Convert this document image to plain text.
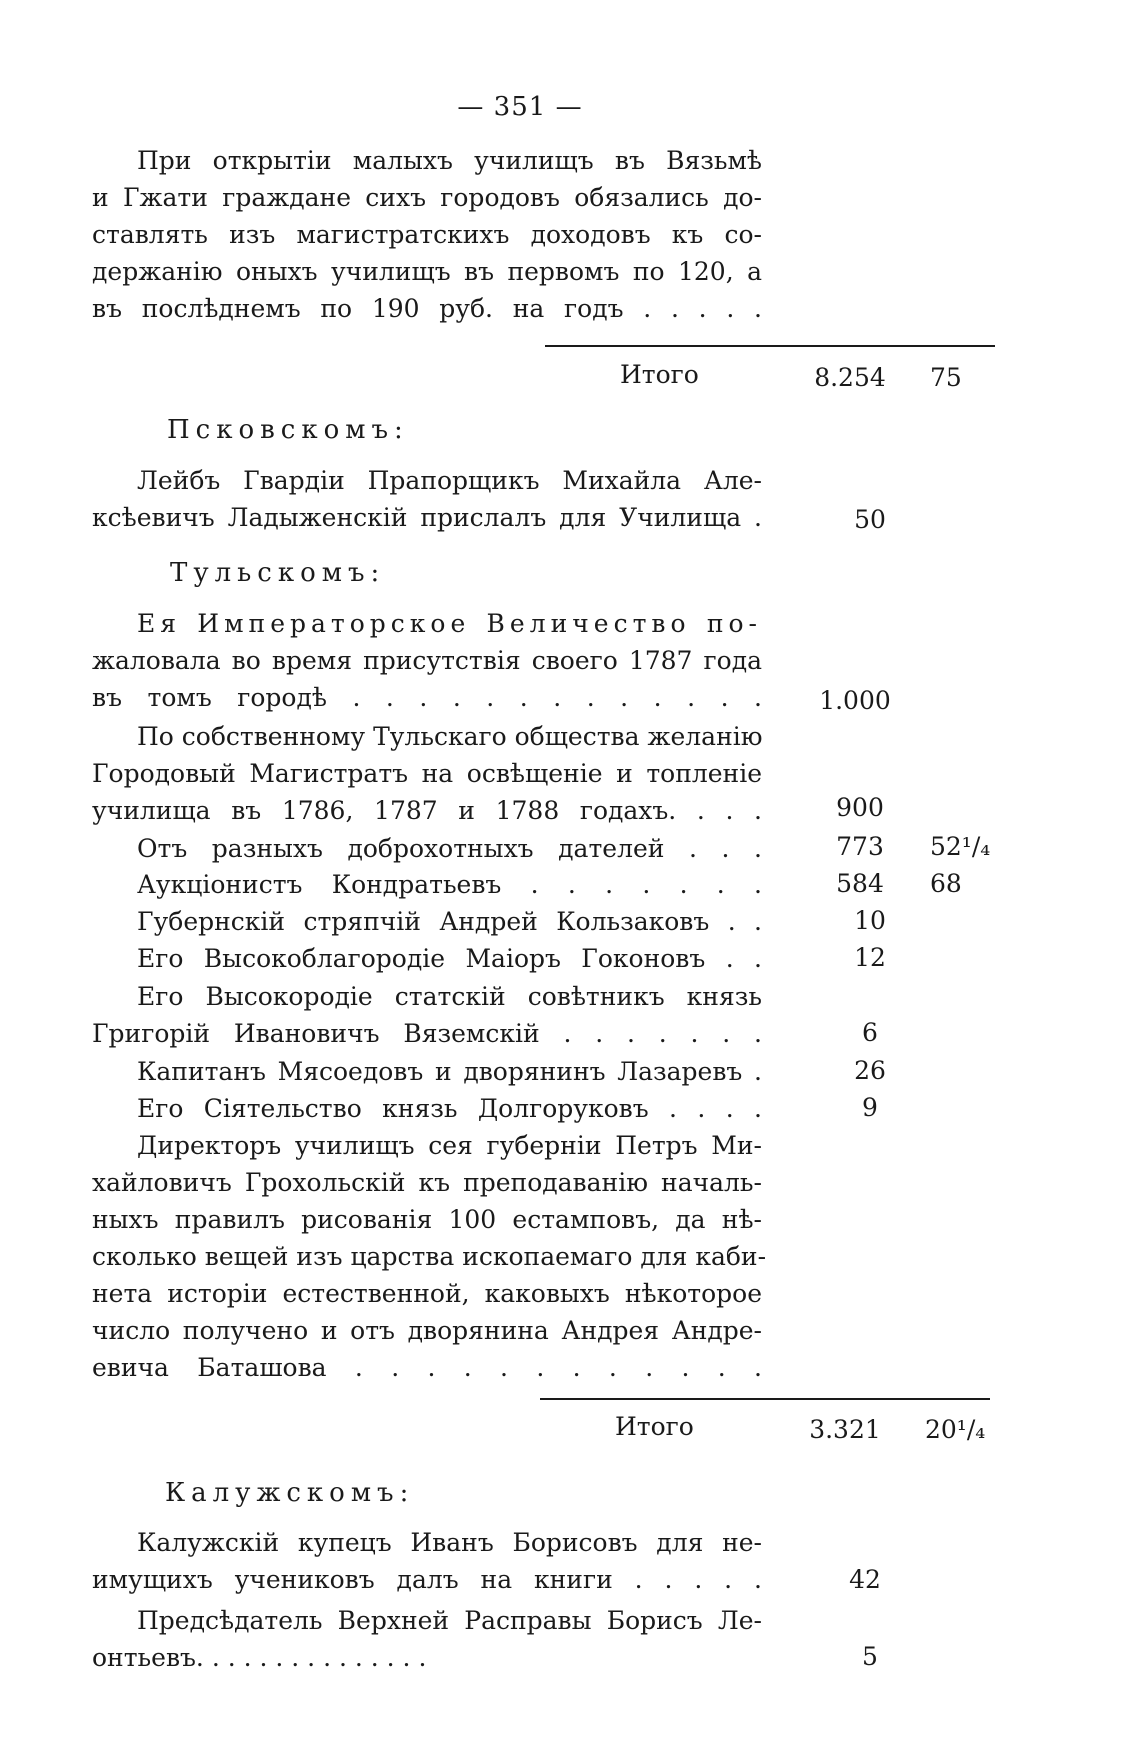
— 351 —
При открытiи малыхъ училищъ въ Вязьмѣ
и Гжати граждане сихъ городовъ обязались до-
ставлять изъ магистратскихъ доходовъ къ со-
держанiю оныхъ училищъ въ первомъ по 120, а
въ послѣднемъ по 190 руб. на годъ . . . . .
Итого	8.254	75
Псковскомъ:
Лейбъ Гвардiи Прапорщикъ Михайла Але-
ксѣевичъ Ладыженскiй прислалъ для Училища .	50
Тульскомъ:
Ея Императорское Величество по-
жаловала во время присутствiя своего 1787 года
въ томъ городѣ . . . . . . . . . . . . .	1.000
По собственному Тульскаго общества желанiю
Городовый Магистратъ на освѣщенiе и топленiе
училища въ 1786, 1787 и 1788 годахъ. . . .	900
Отъ разныхъ доброхотныхъ дателей . . .	773	52¹/₄
Аукцiонистъ Кондратьевъ . . . . . . .	584	68
Губернскiй стряпчiй Андрей Кользаковъ . .	10
Его Высокоблагородiе Маiоръ Гоконовъ . .	12
Его Высокородiе статскiй совѣтникъ князь
Григорiй Ивановичъ Вяземскiй . . . . . . .	6
Капитанъ Мясоедовъ и дворянинъ Лазаревъ .	26
Его Сiятельство князь Долгоруковъ . . . .	9
Директоръ училищъ сея губернiи Петръ Ми-
хайловичъ Грохольскiй къ преподаванiю началь-
ныхъ правилъ рисованiя 100 естамповъ, да нѣ-
сколько вещей изъ царства ископаемаго для каби-
нета исторiи естественной, каковыхъ нѣкоторое
число получено и отъ дворянина Андрея Андре-
евича Баташова . . . . . . . . . . . .
Итого	3.321	20¹/₄
Калужскомъ:
Калужскiй купецъ Иванъ Борисовъ для не-
имущихъ учениковъ далъ на книги . . . . .	42
Предсѣдатель Верхней Расправы Борисъ Ле-
онтьевъ. . . . . . . . . . . . . . .	5
